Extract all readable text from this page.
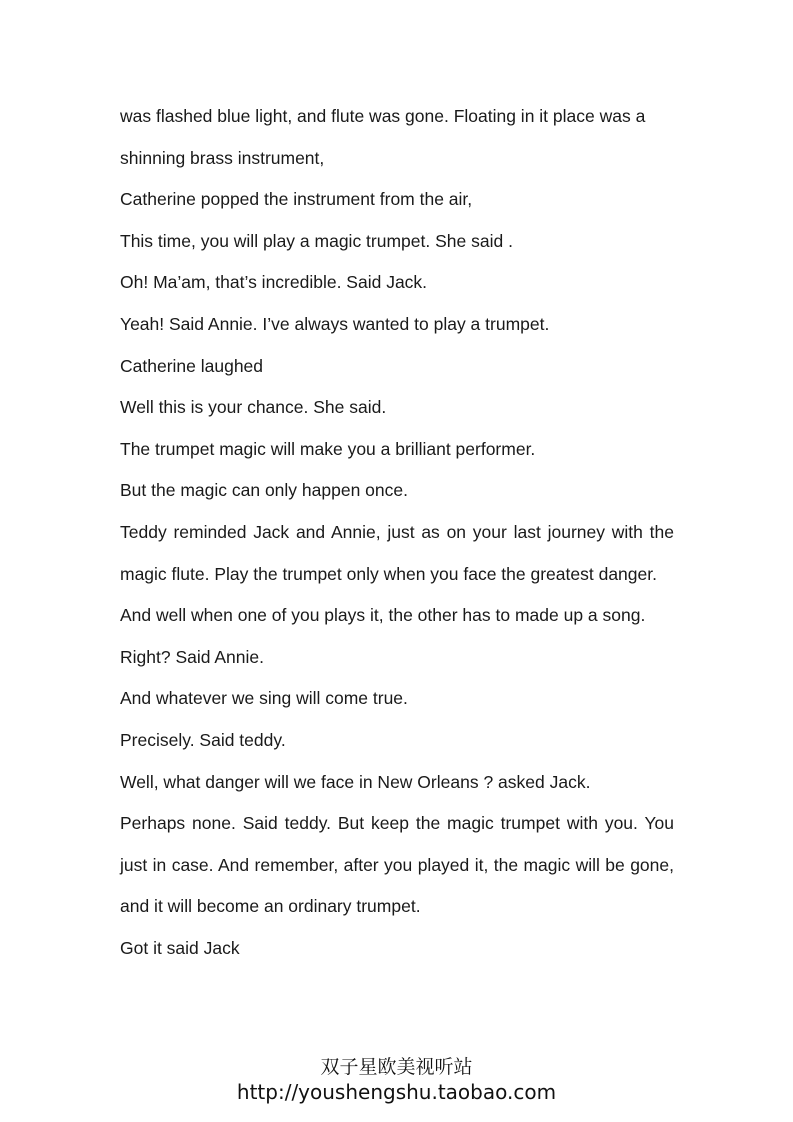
was flashed blue light, and flute was gone. Floating in it place was a shinning brass instrument,

Catherine popped the instrument from the air,

This time, you will play a magic trumpet. She said .

Oh! Ma’am, that’s incredible. Said Jack.

Yeah! Said Annie. I’ve always wanted to play a trumpet.

Catherine laughed

Well this is your chance. She said.

The trumpet magic will make you a brilliant performer.

But the magic can only happen once.

Teddy reminded Jack and Annie, just as on your last journey with the magic flute. Play the trumpet only when you face the greatest danger.

And well when one of you plays it, the other has to made up a song.

Right? Said Annie.

And whatever we sing will come true.

Precisely. Said teddy.

Well, what danger will we face in New Orleans ? asked Jack.

Perhaps none. Said teddy. But keep the magic trumpet with you. You just in case. And remember, after you played it, the magic will be gone, and it will become an ordinary trumpet.

Got it said Jack

双子星欧美视听站
http://youshengshu.taobao.com
